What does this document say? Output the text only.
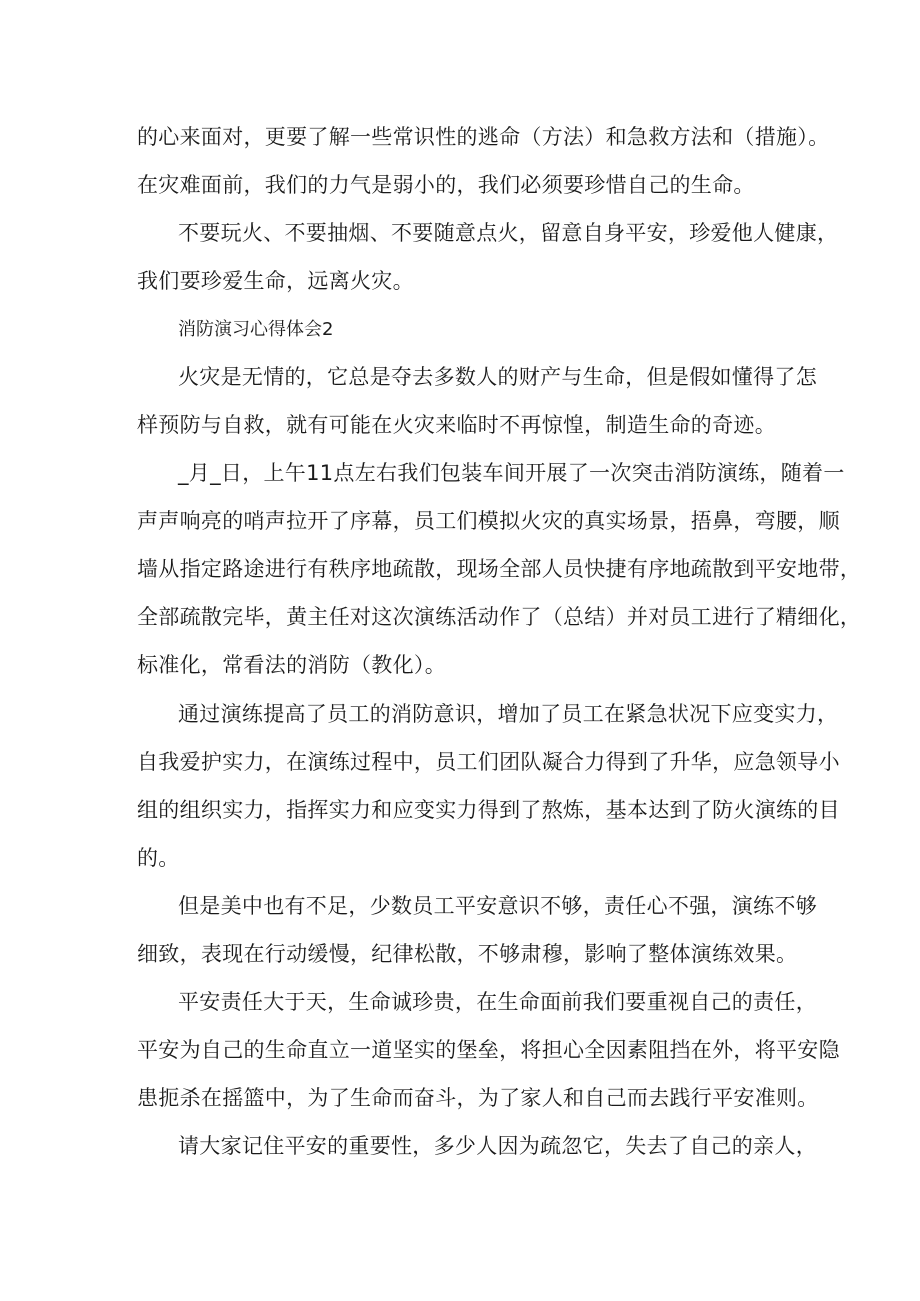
的心来面对，更要了解一些常识性的逃命（方法）和急救方法和（措施）。
在灾难面前，我们的力气是弱小的，我们必须要珍惜自己的生命。
不要玩火、不要抽烟、不要随意点火，留意自身平安，珍爱他人健康，
我们要珍爱生命，远离火灾。
消防演习心得体会2
火灾是无情的，它总是夺去多数人的财产与生命，但是假如懂得了怎
样预防与自救，就有可能在火灾来临时不再惊惶，制造生命的奇迹。
_月_日，上午11点左右我们包装车间开展了一次突击消防演练，随着一
声声响亮的哨声拉开了序幕，员工们模拟火灾的真实场景，捂鼻，弯腰，顺
墙从指定路途进行有秩序地疏散，现场全部人员快捷有序地疏散到平安地带，
全部疏散完毕，黄主任对这次演练活动作了（总结）并对员工进行了精细化，
标准化，常看法的消防（教化）。
通过演练提高了员工的消防意识，增加了员工在紧急状况下应变实力，
自我爱护实力，在演练过程中，员工们团队凝合力得到了升华，应急领导小
组的组织实力，指挥实力和应变实力得到了熬炼，基本达到了防火演练的目
的。
但是美中也有不足，少数员工平安意识不够，责任心不强，演练不够
细致，表现在行动缓慢，纪律松散，不够肃穆，影响了整体演练效果。
平安责任大于天，生命诚珍贵，在生命面前我们要重视自己的责任，
平安为自己的生命直立一道坚实的堡垒，将担心全因素阻挡在外，将平安隐
患扼杀在摇篮中，为了生命而奋斗，为了家人和自己而去践行平安准则。
请大家记住平安的重要性，多少人因为疏忽它，失去了自己的亲人，
